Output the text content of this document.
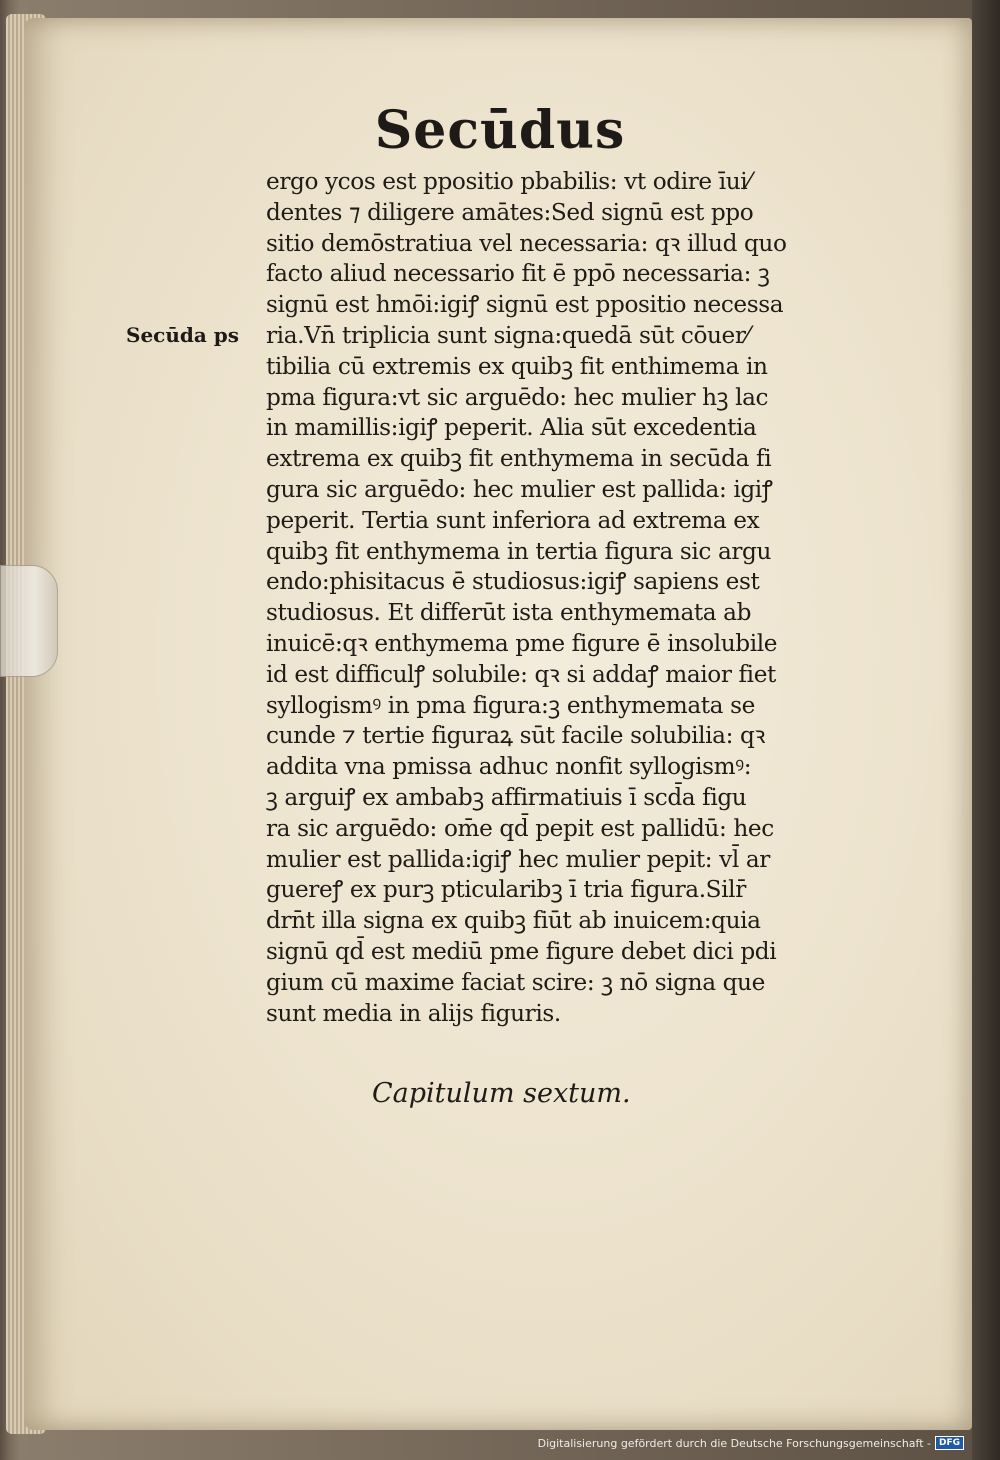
Secūdus
Secūda ps
ergo ycos est ppositio pbabilis: vt odire īui⁄
dentes ⁊ diligere amātes:Sed signū est ppo
sitio demōstratiua vel necessaria: qꝛ illud quo
facto aliud necessario fit ē ppō necessaria: ꝫ
signū est hmōi:igiꝭ signū est ppositio necessa
ria.Vn̄ triplicia sunt signa:quedā sūt cōuer⁄
tibilia cū extremis ex quibꝫ fit enthimema in
pma figura:vt sic arguēdo: hec mulier hꝫ lac
in mamillis:igiꝭ peperit. Alia sūt excedentia
extrema ex quibꝫ fit enthymema in secūda fi
gura sic arguēdo: hec mulier est pallida: igiꝭ
peperit. Tertia sunt inferiora ad extrema ex
quibꝫ fit enthymema in tertia figura sic argu
endo:phisitacus ē studiosus:igiꝭ sapiens est
studiosus. Et differūt ista enthymemata ab
inuicē:qꝛ enthymema pme figure ē insolubile
id est difficulꝭ solubile: qꝛ si addaꝭ maior fiet
syllogismꝰ in pma figura:ꝫ enthymemata se
cunde ⁊ tertie figuraꝝ sūt facile solubilia: qꝛ
addita vna pmissa adhuc nonfit syllogismꝰ:
ꝫ arguiꝭ ex ambabꝫ affirmatiuis ī scd̄a figu
ra sic arguēdo: om̄e qd̄ pepit est pallidū: hec
mulier est pallida:igiꝭ hec mulier pepit: vl̄ ar
guereꝭ ex purꝫ pticularibꝫ ī tria figura.Silr̄
drn̄t illa signa ex quibꝫ fiūt ab inuicem:quia
signū qd̄ est mediū pme figure debet dici pdi
gium cū maxime faciat scire: ꝫ nō signa que
sunt media in alijs figuris.
Capitulum sextum.
Digitalisierung gefördert durch die Deutsche Forschungsgemeinschaft - DFG
